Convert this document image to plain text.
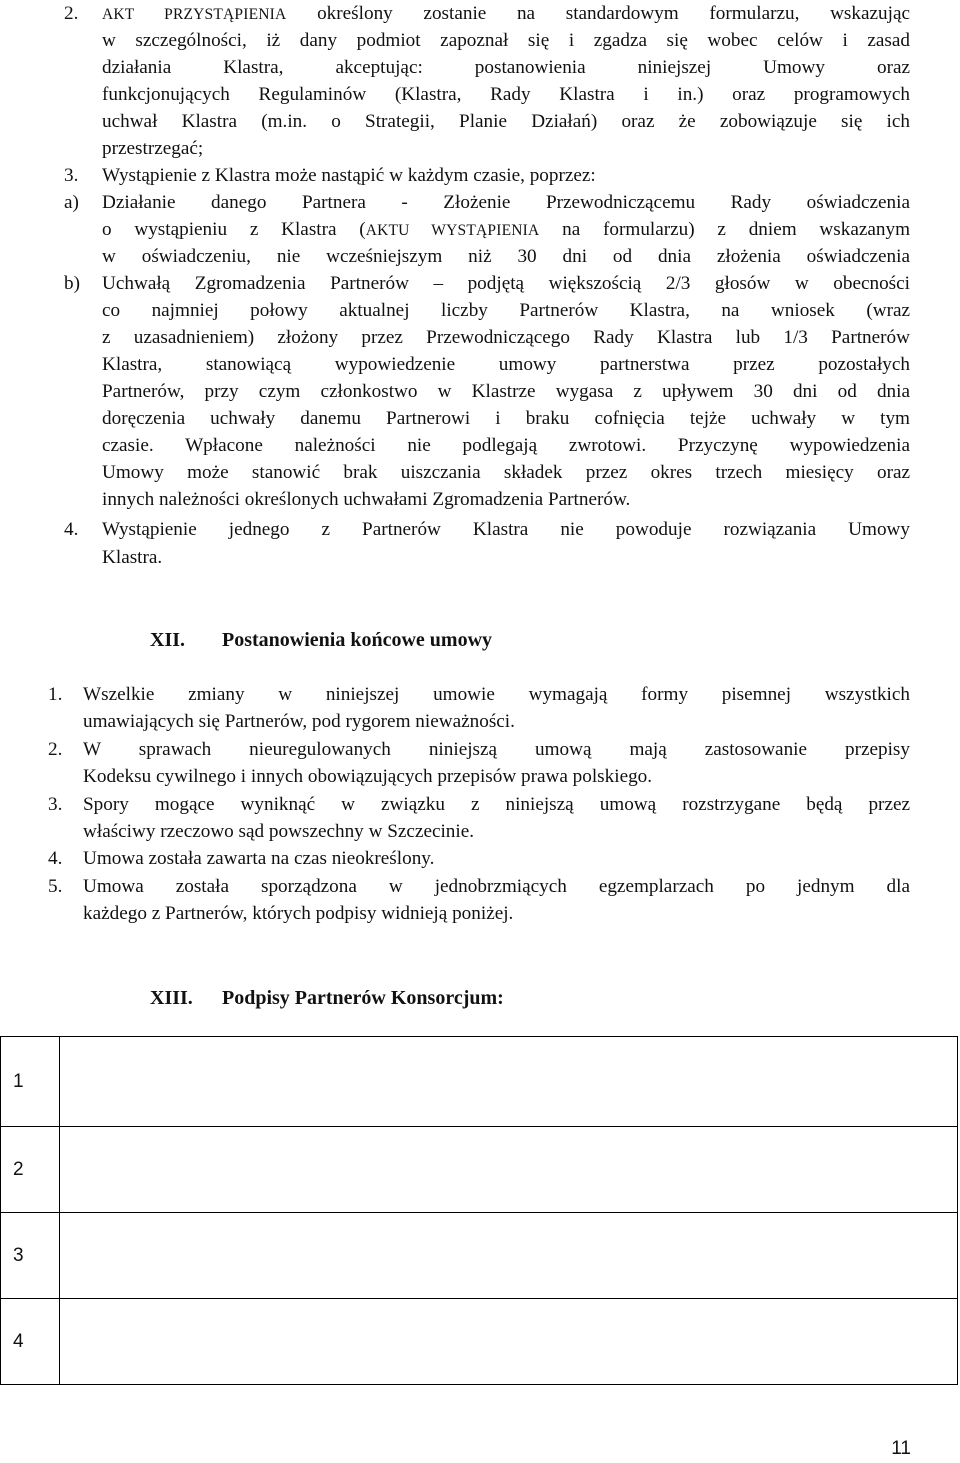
2. AKT PRZYSTĄPIENIA określony zostanie na standardowym formularzu, wskazując
w szczególności, iż dany podmiot zapoznał się i zgadza się wobec celów i zasad
działania Klastra, akceptując: postanowienia niniejszej Umowy oraz
funkcjonujących Regulaminów (Klastra, Rady Klastra i in.) oraz programowych
uchwał Klastra (m.in. o Strategii, Planie Działań) oraz że zobowiązuje się ich
przestrzegać;
3. Wystąpienie z Klastra może nastąpić w każdym czasie, poprzez:
a) Działanie danego Partnera - Złożenie Przewodniczącemu Rady oświadczenia
o wystąpieniu z Klastra (AKTU WYSTĄPIENIA na formularzu) z dniem wskazanym
w oświadczeniu, nie wcześniejszym niż 30 dni od dnia złożenia oświadczenia
b) Uchwałą Zgromadzenia Partnerów – podjętą większością 2/3 głosów w obecności
co najmniej połowy aktualnej liczby Partnerów Klastra, na wniosek (wraz
z uzasadnieniem) złożony przez Przewodniczącego Rady Klastra lub 1/3 Partnerów
Klastra, stanowiącą wypowiedzenie umowy partnerstwa przez pozostałych
Partnerów, przy czym członkostwo w Klastrze wygasa z upływem 30 dni od dnia
doręczenia uchwały danemu Partnerowi i braku cofnięcia tejże uchwały w tym
czasie. Wpłacone należności nie podlegają zwrotowi. Przyczynę wypowiedzenia
Umowy może stanowić brak uiszczania składek przez okres trzech miesięcy oraz
innych należności określonych uchwałami Zgromadzenia Partnerów.
4. Wystąpienie jednego z Partnerów Klastra nie powoduje rozwiązania Umowy
Klastra.
XII. Postanowienia końcowe umowy
1. Wszelkie zmiany w niniejszej umowie wymagają formy pisemnej wszystkich
umawiających się Partnerów, pod rygorem nieważności.
2. W sprawach nieuregulowanych niniejszą umową mają zastosowanie przepisy
Kodeksu cywilnego i innych obowiązujących przepisów prawa polskiego.
3. Spory mogące wyniknąć w związku z niniejszą umową rozstrzygane będą przez
właściwy rzeczowo sąd powszechny w Szczecinie.
4. Umowa została zawarta na czas nieokreślony.
5. Umowa została sporządzona w jednobrzmiących egzemplarzach po jednym dla
każdego z Partnerów, których podpisy widnieją poniżej.
XIII. Podpisy Partnerów Konsorcjum:
1	
2	
3	
4	
11
